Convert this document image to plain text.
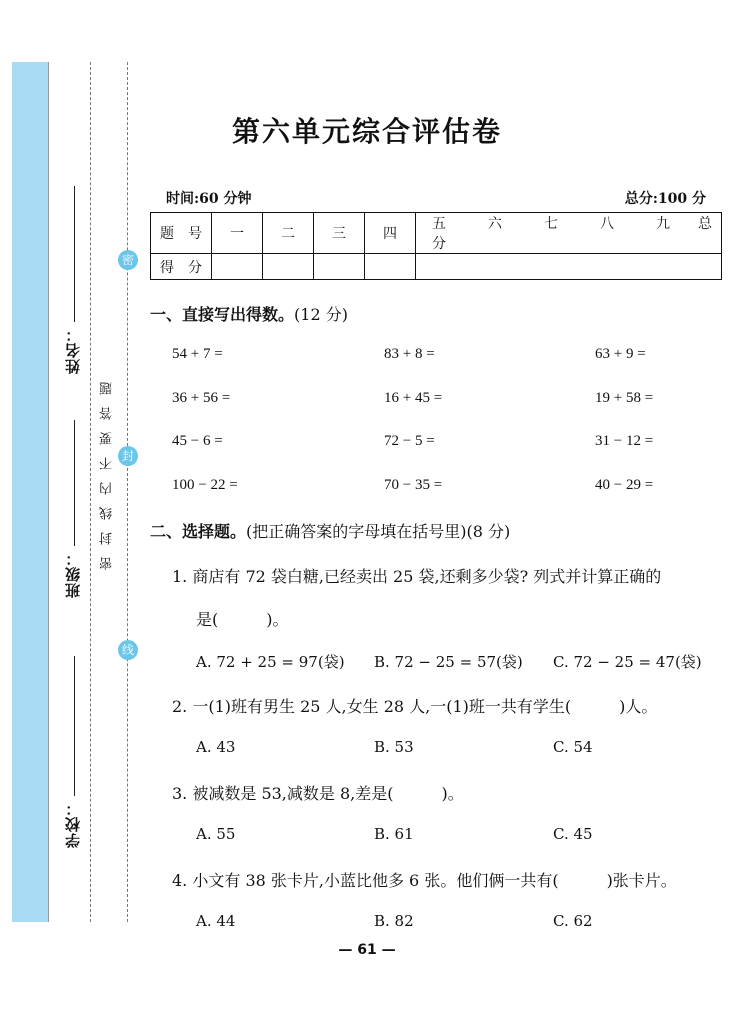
密
封
线
姓名：
班级：
学校：
密封线内不要答题
第六单元综合评估卷
时间:60 分钟	总分:100 分
题　号	一	二	三	四	五　　　六　　　七　　　八　　　九　　总　分
得　分					
一、直接写出得数。(12 分)
54 + 7 =	83 + 8 =	63 + 9 =
36 + 56 =	16 + 45 =	19 + 58 =
45 − 6 =	72 − 5 =	31 − 12 =
100 − 22 =	70 − 35 =	40 − 29 =
二、选择题。(把正确答案的字母填在括号里)(8 分)
1. 商店有 72 袋白糖,已经卖出 25 袋,还剩多少袋? 列式并计算正确的
是(　　　)。
A. 72 + 25 = 97(袋) B. 72 − 25 = 57(袋) C. 72 − 25 = 47(袋)
2. 一(1)班有男生 25 人,女生 28 人,一(1)班一共有学生(　　　)人。
A. 43	B. 53	C. 54
3. 被减数是 53,减数是 8,差是(　　　)。
A. 55	B. 61	C. 45
4. 小文有 38 张卡片,小蓝比他多 6 张。他们俩一共有(　　　)张卡片。
A. 44	B. 82	C. 62
— 61 —
